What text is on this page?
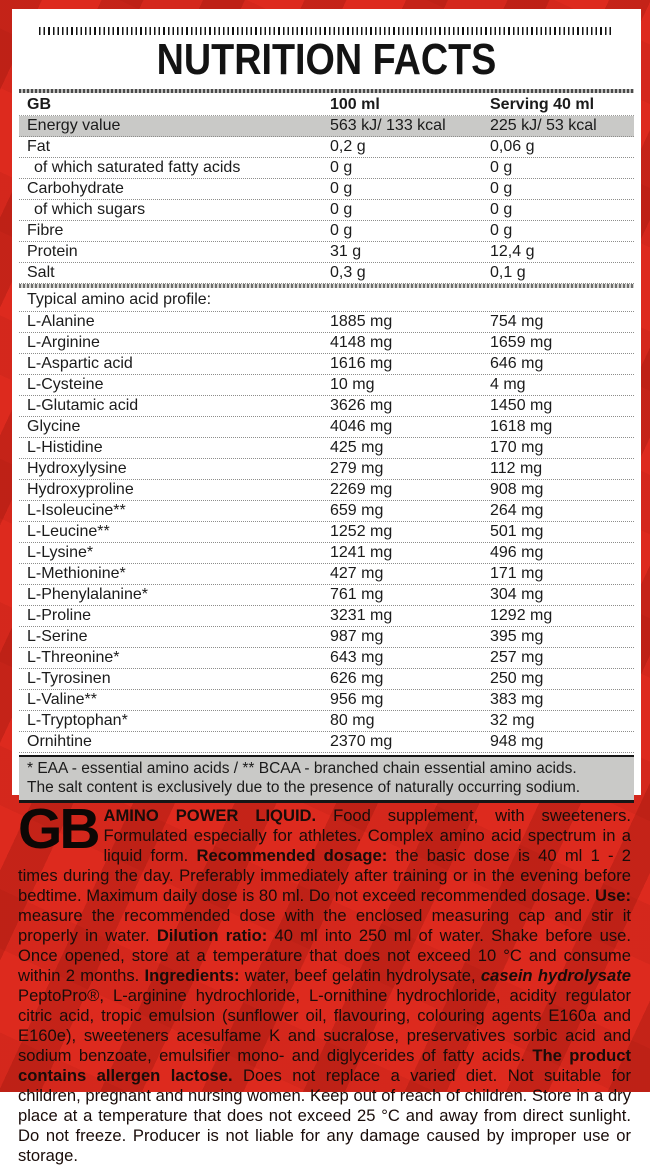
NUTRITION FACTS
GB	100 ml	Serving 40 ml
Energy value	563 kJ/ 133 kcal	225 kJ/ 53 kcal
Fat	0,2 g	0,06 g
of which saturated fatty acids	0 g	0 g
Carbohydrate	0 g	0 g
of which sugars	0 g	0 g
Fibre	0 g	0 g
Protein	31 g	12,4 g
Salt	0,3 g	0,1 g
Typical amino acid profile:
L-Alanine	1885 mg	754 mg
L-Arginine	4148 mg	1659 mg
L-Aspartic acid	1616 mg	646 mg
L-Cysteine	10 mg	4 mg
L-Glutamic acid	3626 mg	1450 mg
Glycine	4046 mg	1618 mg
L-Histidine	425 mg	170 mg
Hydroxylysine	279 mg	112 mg
Hydroxyproline	2269 mg	908 mg
L-Isoleucine**	659 mg	264 mg
L-Leucine**	1252 mg	501 mg
L-Lysine*	1241 mg	496 mg
L-Methionine*	427 mg	171 mg
L-Phenylalanine*	761 mg	304 mg
L-Proline	3231 mg	1292 mg
L-Serine	987 mg	395 mg
L-Threonine*	643 mg	257 mg
L-Tyrosinen	626 mg	250 mg
L-Valine**	956 mg	383 mg
L-Tryptophan*	80 mg	32 mg
Ornihtine	2370 mg	948 mg
* EAA - essential amino acids / ** BCAA - branched chain essential amino acids.
The salt content is exclusively due to the presence of naturally occurring sodium.

GB AMINO POWER LIQUID. Food supplement, with sweeteners. Formulated especially for athletes. Complex amino acid spectrum in a liquid form. Recommended dosage: the basic dose is 40 ml 1 - 2 times during the day. Preferably immediately after training or in the evening before bedtime. Maximum daily dose is 80 ml. Do not exceed recommended dosage. Use: measure the recommended dose with the enclosed measuring cap and stir it properly in water. Dilution ratio: 40 ml into 250 ml of water. Shake before use. Once opened, store at a temperature that does not exceed 10 °C and consume within 2 months. Ingredients: water, beef gelatin hydrolysate, casein hydrolysate PeptoPro®, L-arginine hydrochloride, L-ornithine hydrochloride, acidity regulator citric acid, tropic emulsion (sunflower oil, flavouring, colouring agents E160a and E160e), sweeteners acesulfame K and sucralose, preservatives sorbic acid and sodium benzoate, emulsifier mono- and diglycerides of fatty acids. The product contains allergen lactose. Does not replace a varied diet. Not suitable for children, pregnant and nursing women. Keep out of reach of children. Store in a dry place at a temperature that does not exceed 25 °C and away from direct sunlight. Do not freeze. Producer is not liable for any damage caused by improper use or storage.
